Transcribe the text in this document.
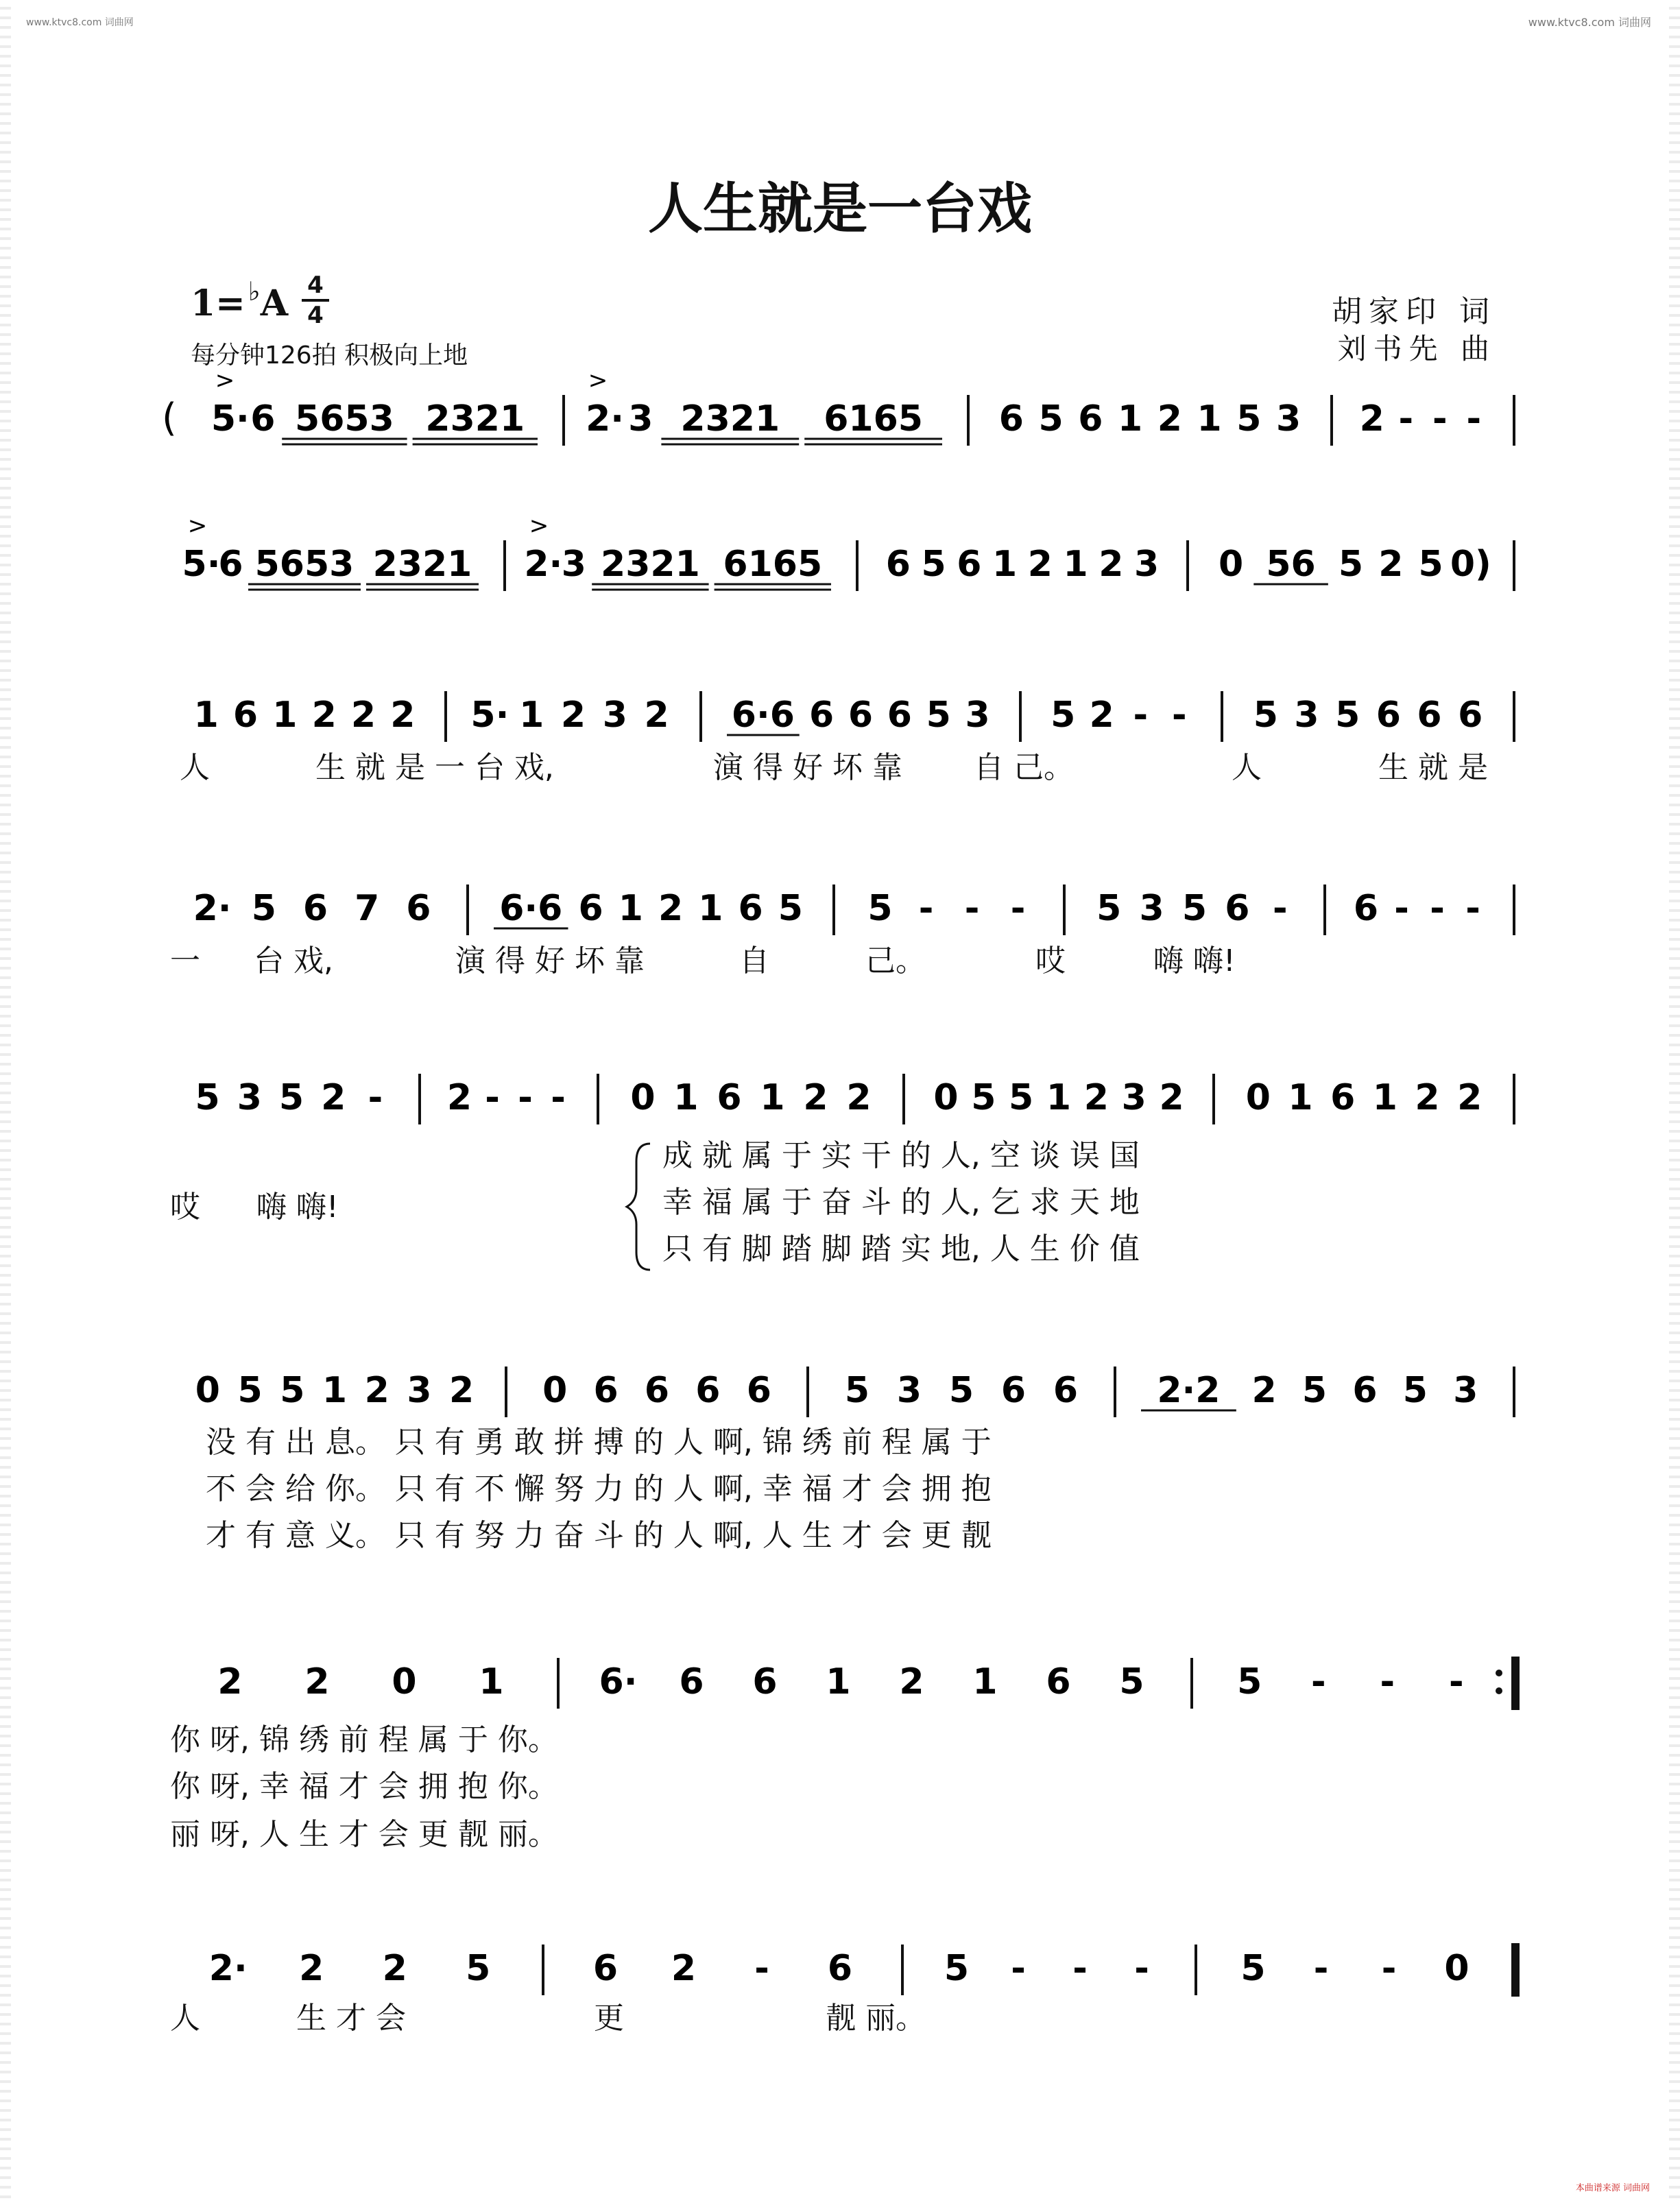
www.ktvc8.com 词曲网	www.ktvc8.com 词曲网
本曲谱来源 词曲网
人生就是一台戏
1= ♭A 4
4
每分钟126拍 积极向上地
胡家印 词
刘书先 曲
( 5· 6 5653 2321 2· 3 2321 6165 6 5 6 1 2 1 5 3 2 - - -
>	>
5·
6 5653 2321 2·
3 2321 6165 6 5 6 1 2 1 2 3 0 56 5 2 5 0)
>	>
1 6 1 2 2 2 5· 1 2 3 2 6·6 6 6 6 5 3 5 2 - - 5 3 5 6 6 6
人	生 就 是 一 台 戏,	演 得 好 坏 靠 自 己。	人	生 就 是
2· 5 6 7 6 6·6 6 1 2 1 6 5 5 - - - 5 3 5 6 - 6 - - -
一 台 戏,	演 得 好 坏 靠	自	己。	哎	嗨 嗨!
5 3 5 2 - 2 - - - 0 1 6 1 2 2 0 5 5 1 2 3 2 0 1 6 1 2 2
哎 嗨 嗨!
成 就 属 于 实 干 的 人, 空 谈 误 国
幸 福 属 于 奋 斗 的 人, 乞 求 天 地
只 有 脚 踏 脚 踏 实 地, 人 生 价 值
0 5 5 1 2 3 2 0 6 6 6 6 5 3 5 6 6 2·2 2 5 6 5 3
没 有 出 息。 只 有 勇 敢 拼 搏 的 人 啊, 锦 绣 前 程 属 于
不 会 给 你。 只 有 不 懈 努 力 的 人 啊, 幸 福 才 会 拥 抱
才 有 意 义。 只 有 努 力 奋 斗 的 人 啊, 人 生 才 会 更 靓
2 2 0 1	6· 6 6 1 2 1 6 5	5 - - -
你 呀, 锦 绣 前 程 属 于 你。
你 呀, 幸 福 才 会 拥 抱 你。
丽 呀, 人 生 才 会 更 靓 丽。
2· 2 2 5	6 2 - 6	5 - - -	5 - - 0
人	生 才 会	更	靓 丽。
